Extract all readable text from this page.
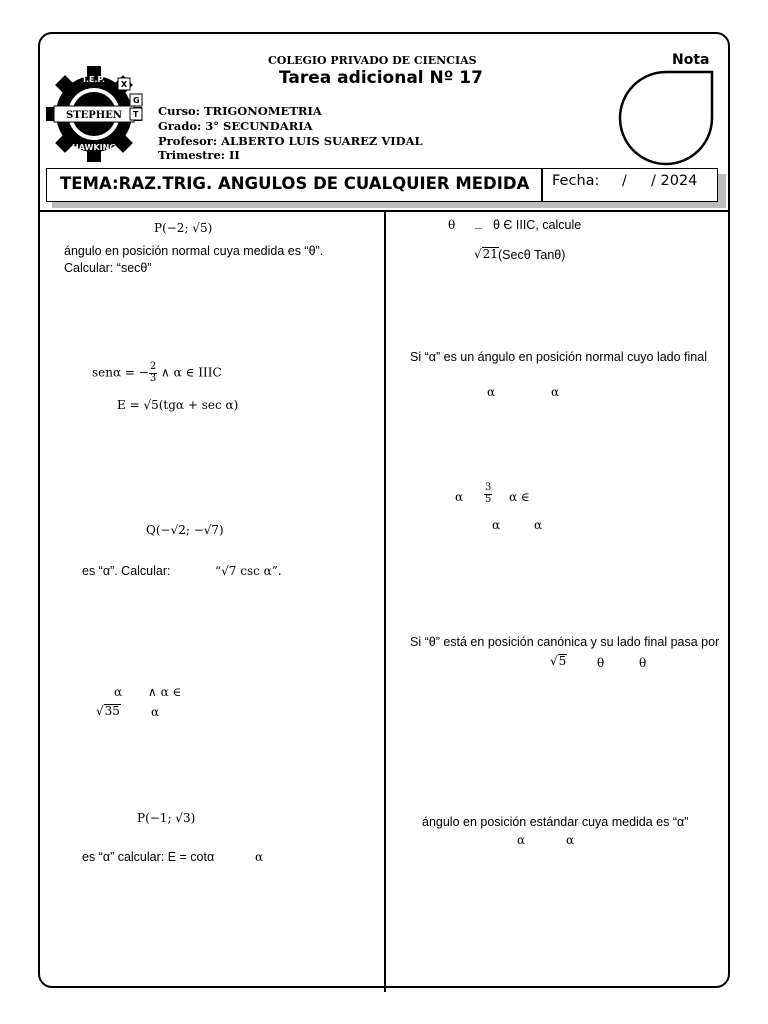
I.E.P.
STEPHEN
HAWKING
G
T
X
COLEGIO PRIVADO DE CIENCIAS
Tarea adicional Nº 17
Curso: TRIGONOMETRIA
Grado: 3° SECUNDARIA
Profesor: ALBERTO LUIS SUAREZ VIDAL
Trimestre: II
Nota
TEMA:RAZ.TRIG. ANGULOS DE CUALQUIER MEDIDA Fecha: / / 2024
P(−2; √5)
ángulo en posición normal cuya medida es “θ”.
Calcular: “secθ”
senα = − $\frac{2}{3}$ ∧ α ∈ IIIC
E = √5(tgα + sec α)
Q(−√2; −√7)
es “α”. Calcular:	“√7 csc α”.
α ∧ α ∈
√35	α
P(−1; √3)
es “α” calcular: E = cotα	α
θ _ θ Є IIIC, calcule
√21 (Secθ Tanθ)
Si “α” es un ángulo en posición normal cuyo lado final
α	α
α $\frac{3}{5}$ α ∈
α	α
Si “θ” está en posición canónica y su lado final pasa por
√5	θ	θ
ángulo en posición estándar cuya medida es “α”
α	α
